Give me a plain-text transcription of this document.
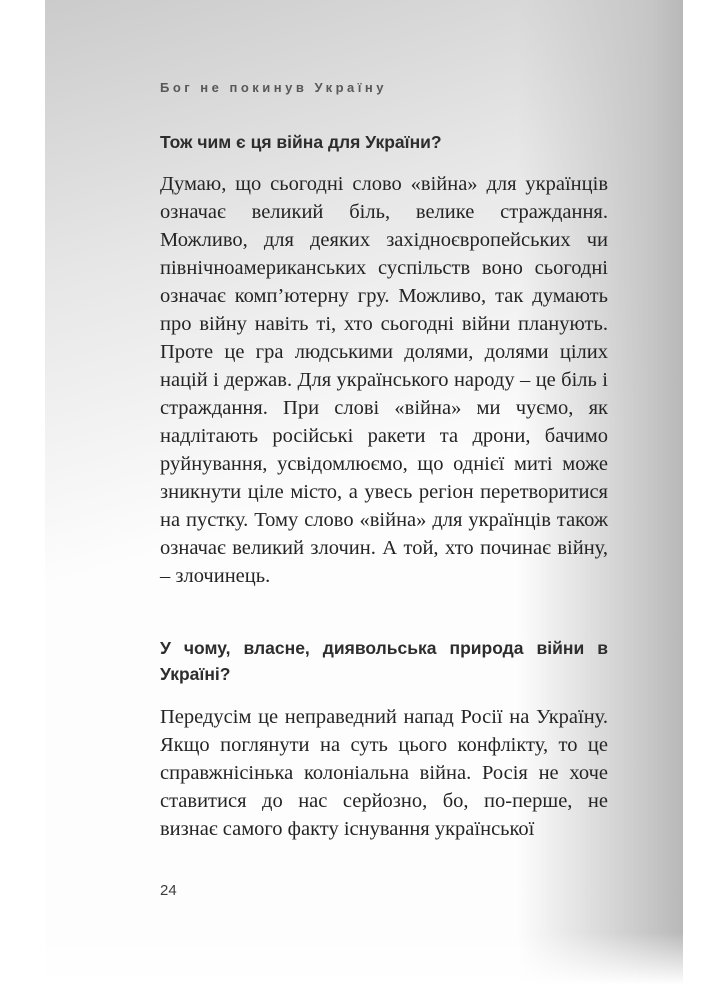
Бог не покинув Україну
Тож чим є ця війна для України?
Думаю, що сьогодні слово «війна» для українців означає великий біль, велике страждання. Можливо, для деяких західноєвропейських чи північноамериканських суспільств воно сьогодні означає комп’ютерну гру. Можливо, так думають про війну навіть ті, хто сьогодні війни планують. Проте це гра людськими долями, долями цілих націй і держав. Для українського народу – це біль і страждання. При слові «війна» ми чуємо, як надлітають російські ракети та дрони, бачимо руйнування, усвідомлюємо, що однієї миті може зникнути ціле місто, а увесь регіон перетворитися на пустку. Тому слово «війна» для українців також означає великий злочин. А той, хто починає війну, – злочинець.
У чому, власне, диявольська природа війни в Україні?
Передусім це неправедний напад Росії на Україну. Якщо поглянути на суть цього конфлікту, то це справжнісінька колоніальна війна. Росія не хоче ставитися до нас серйозно, бо, по-перше, не визнає самого факту існування української
24
